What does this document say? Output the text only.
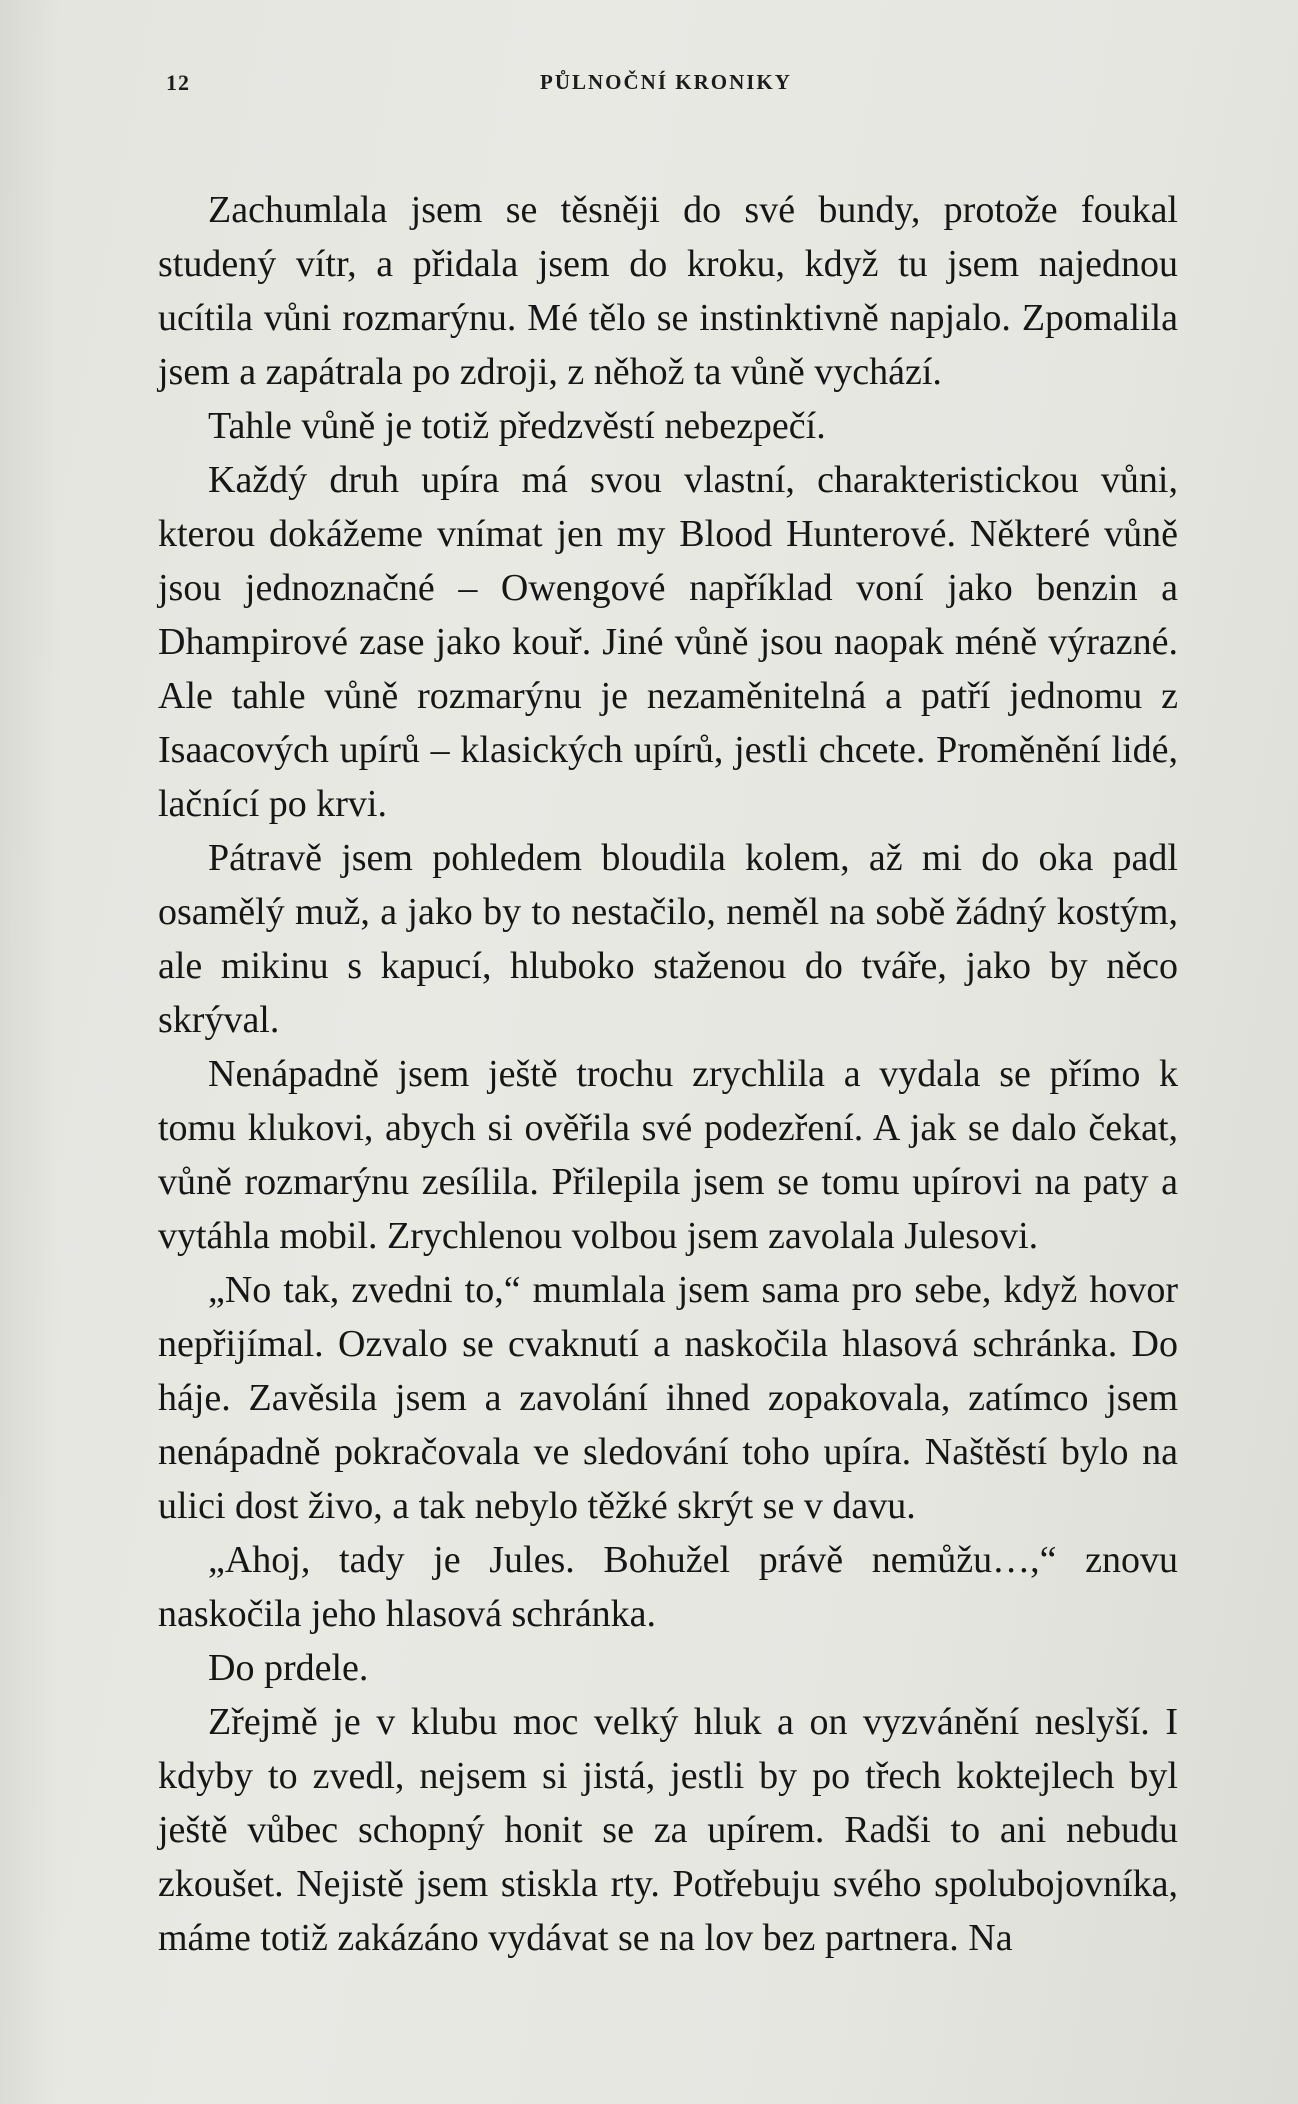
12	PŮLNOČNÍ KRONIKY

Zachumlala jsem se těsněji do své bundy, protože foukal studený vítr, a přidala jsem do kroku, když tu jsem najednou ucítila vůni rozmarýnu. Mé tělo se instinktivně napjalo. Zpomalila jsem a zapátrala po zdroji, z něhož ta vůně vychází.

Tahle vůně je totiž předzvěstí nebezpečí.

Každý druh upíra má svou vlastní, charakteristickou vůni, kterou dokážeme vnímat jen my Blood Hunterové. Některé vůně jsou jednoznačné – Owengové například voní jako benzin a Dhampirové zase jako kouř. Jiné vůně jsou naopak méně výrazné. Ale tahle vůně rozmarýnu je nezaměnitelná a patří jednomu z Isaacových upírů – klasických upírů, jestli chcete. Proměnění lidé, lačnící po krvi.

Pátravě jsem pohledem bloudila kolem, až mi do oka padl osamělý muž, a jako by to nestačilo, neměl na sobě žádný kostým, ale mikinu s kapucí, hluboko staženou do tváře, jako by něco skrýval.

Nenápadně jsem ještě trochu zrychlila a vydala se přímo k tomu klukovi, abych si ověřila své podezření. A jak se dalo čekat, vůně rozmarýnu zesílila. Přilepila jsem se tomu upírovi na paty a vytáhla mobil. Zrychlenou volbou jsem zavolala Julesovi.

„No tak, zvedni to,“ mumlala jsem sama pro sebe, když hovor nepřijímal. Ozvalo se cvaknutí a naskočila hlasová schránka. Do háje. Zavěsila jsem a zavolání ihned zopakovala, zatímco jsem nenápadně pokračovala ve sledování toho upíra. Naštěstí bylo na ulici dost živo, a tak nebylo těžké skrýt se v davu.

„Ahoj, tady je Jules. Bohužel právě nemůžu…,“ znovu naskočila jeho hlasová schránka.

Do prdele.

Zřejmě je v klubu moc velký hluk a on vyzvánění neslyší. I kdyby to zvedl, nejsem si jistá, jestli by po třech koktejlech byl ještě vůbec schopný honit se za upírem. Radši to ani nebudu zkoušet. Nejistě jsem stiskla rty. Potřebuju svého spolubojovníka, máme totiž zakázáno vydávat se na lov bez partnera. Na
